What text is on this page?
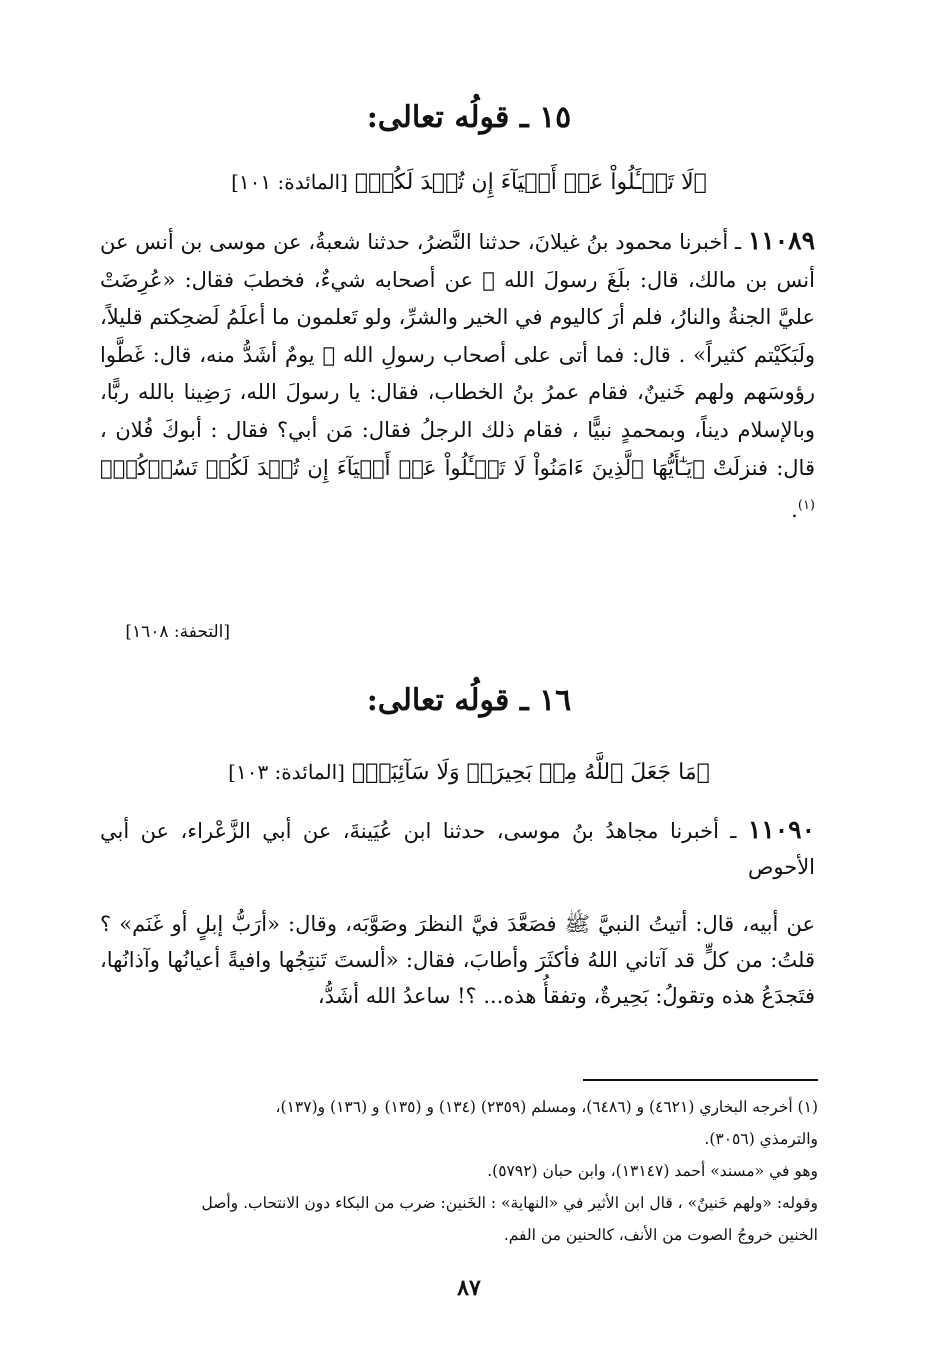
١٥ ـ قولُه تعالى:
﴿لَا تَسۡـَٔلُواْ عَنۡ أَشۡيَآءَ إِن تُبۡدَ لَكُمۡ﴾ [المائدة: ١٠١]
١١٠٨٩ ـ أخبرنا محمود بنُ غيلانَ، حدثنا النَّضرُ، حدثنا شعبةُ، عن موسى بن أنس عن أنس بن مالك، قال: بلَغَ رسولَ الله ﷺ عن أصحابه شيءٌ، فخطبَ فقال: «عُرِضَتْ عليَّ الجنةُ والنارُ، فلم أرَ كاليوم في الخير والشرِّ، ولو تَعلمون ما أعلَمُ لَضحِكتم قليلاً، ولَبَكَيْتم كثيراً» . قال: فما أتى على أصحاب رسولِ الله ﷺ يومٌ أشَدُّ منه، قال: غَطَّوا رؤوسَهم ولهم خَنينٌ، فقام عمرُ بنُ الخطاب، فقال: يا رسولَ الله، رَضِينا بالله ربًّا، وبالإسلام ديناً، وبمحمدٍ نبيًّا ، فقام ذلك الرجلُ فقال: مَن أبي؟ فقال : أبوكَ فُلان ، قال: فنزلَتْ ﴿يَـٰٓأَيُّهَا ٱلَّذِينَ ءَامَنُواْ لَا تَسۡـَٔلُواْ عَنۡ أَشۡيَآءَ إِن تُبۡدَ لَكُمۡ تَسُؤۡكُمۡ﴾$^{(١)}$.
[التحفة: ١٦٠٨]
١٦ ـ قولُه تعالى:
﴿مَا جَعَلَ ٱللَّهُ مِنۢ بَحِيرَةٖ وَلَا سَآئِبَةٖ﴾ [المائدة: ١٠٣]
١١٠٩٠ ـ أخبرنا مجاهدُ بنُ موسى، حدثنا ابن عُيَينةَ، عن أبي الزَّعْراء، عن أبي الأحوص
عن أبيه، قال: أتيتُ النبيَّ ﷺ فصَعَّدَ فيَّ النظرَ وصَوَّبَه، وقال: «أرَبُّ إبلٍ أو غَنَم» ؟ قلتُ: من كلٍّ قد آتاني اللهُ فأكثَرَ وأطابَ، فقال: «ألستَ تَنتِجُها وافيةً أعيانُها وآذانُها، فتَجدَعُ هذه وتقولُ: بَحِيرةٌ، وتفقأُ هذه... ؟! ساعدُ الله أشَدُّ،

(١) أخرجه البخاري (٤٦٢١) و (٦٤٨٦)، ومسلم (٢٣٥٩) (١٣٤) و (١٣٥) و (١٣٦) و(١٣٧)،

والترمذي (٣٠٥٦).

وهو في «مسند» أحمد (١٣١٤٧)، وابن حبان (٥٧٩٢).

وقوله: «ولهم خَنينٌ» ، قال ابن الأثير في «النهاية» : الخَنين: ضرب من البكاء دون الانتحاب. وأصل

الخنين خروجُ الصوت من الأنف، كالحنين من الفم.

٨٧
